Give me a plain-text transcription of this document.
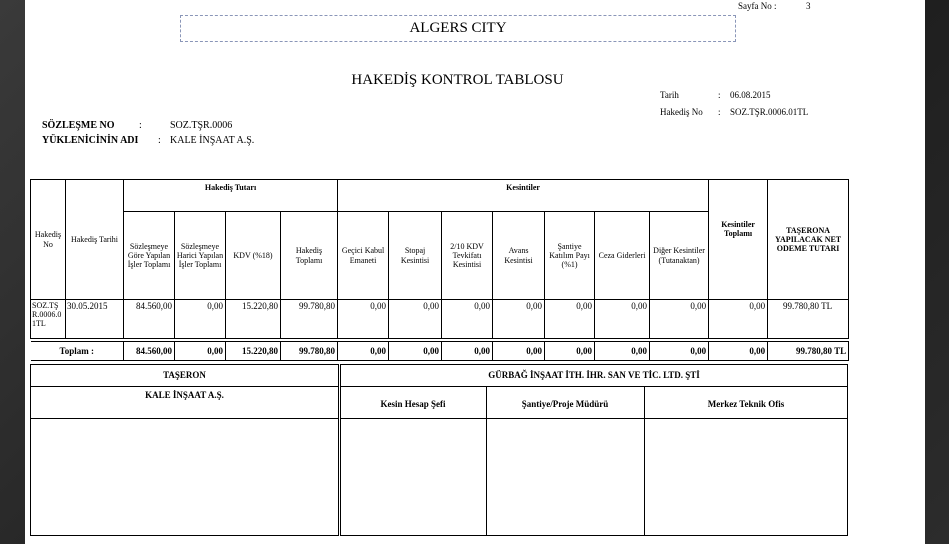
Sayfa No :	3
ALGERS CITY
HAKEDİŞ KONTROL TABLOSU
Tarih	: 06.08.2015
Hakediş No : SOZ.TŞR.0006.01TL
SÖZLEŞME NO :	SOZ.TŞR.0006
YÜKLENİCİNİN ADI : KALE İNŞAAT A.Ş.
Hakediş No	Hakediş Tarihi	Hakediş Tutarı				Kesintiler							Kesintiler Toplamı	TAŞERONA YAPILACAK NET ODEME TUTARI
		Sözleşmeye Göre Yapılan İşler Toplamı	Sözleşmeye Harici Yapılan İşler Toplamı	KDV (%18)	Hakediş Toplamı	Geçici Kabul Emaneti	Stopaj Kesintisi	2/10 KDV Tevkifatı Kesintisi	Avans Kesintisi	Şantiye Katılım Payı (%1)	Ceza Giderleri	Diğer Kesintiler (Tutanaktan)		
SOZ.TŞR.0006.01TL	30.05.2015	84.560,00	0,00	15.220,80	99.780,80	0,00	0,00	0,00	0,00	0,00	0,00	0,00	0,00	99.780,80 TL

Toplam :		84.560,00	0,00	15.220,80	99.780,80	0,00	0,00	0,00	0,00	0,00	0,00	0,00	0,00	99.780,80 TL
TAŞERON
KALE İNŞAAT A.Ş.
GÜRBAĞ İNŞAAT İTH. İHR. SAN VE TİC. LTD. ŞTİ
Kesin Hesap Şefi	Şantiye/Proje Müdürü	Merkez Teknik Ofis
